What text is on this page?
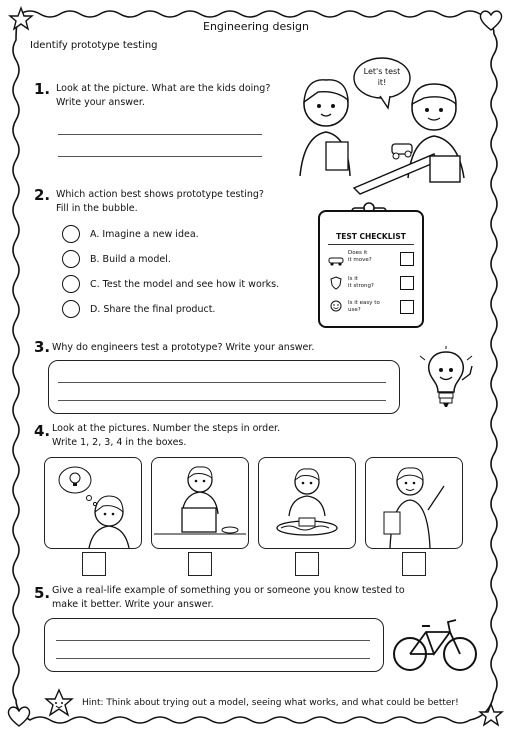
Engineering design
Identify prototype testing
1. Look at the picture. What are the kids doing?
Write your answer.
Let's test
it!
2. Which action best shows prototype testing?
Fill in the bubble.
A. Imagine a new idea.
B. Build a model.
C. Test the model and see how it works.
D. Share the final product.
TEST CHECKLIST
Does it
it move?
Is it
it strong?
Is it easy to
use?
3. Why do engineers test a prototype? Write your answer.
4. Look at the pictures. Number the steps in order.
Write 1, 2, 3, 4 in the boxes.
5. Give a real-life example of something you or someone you know tested to
make it better. Write your answer.
Hint: Think about trying out a model, seeing what works, and what could be better!
